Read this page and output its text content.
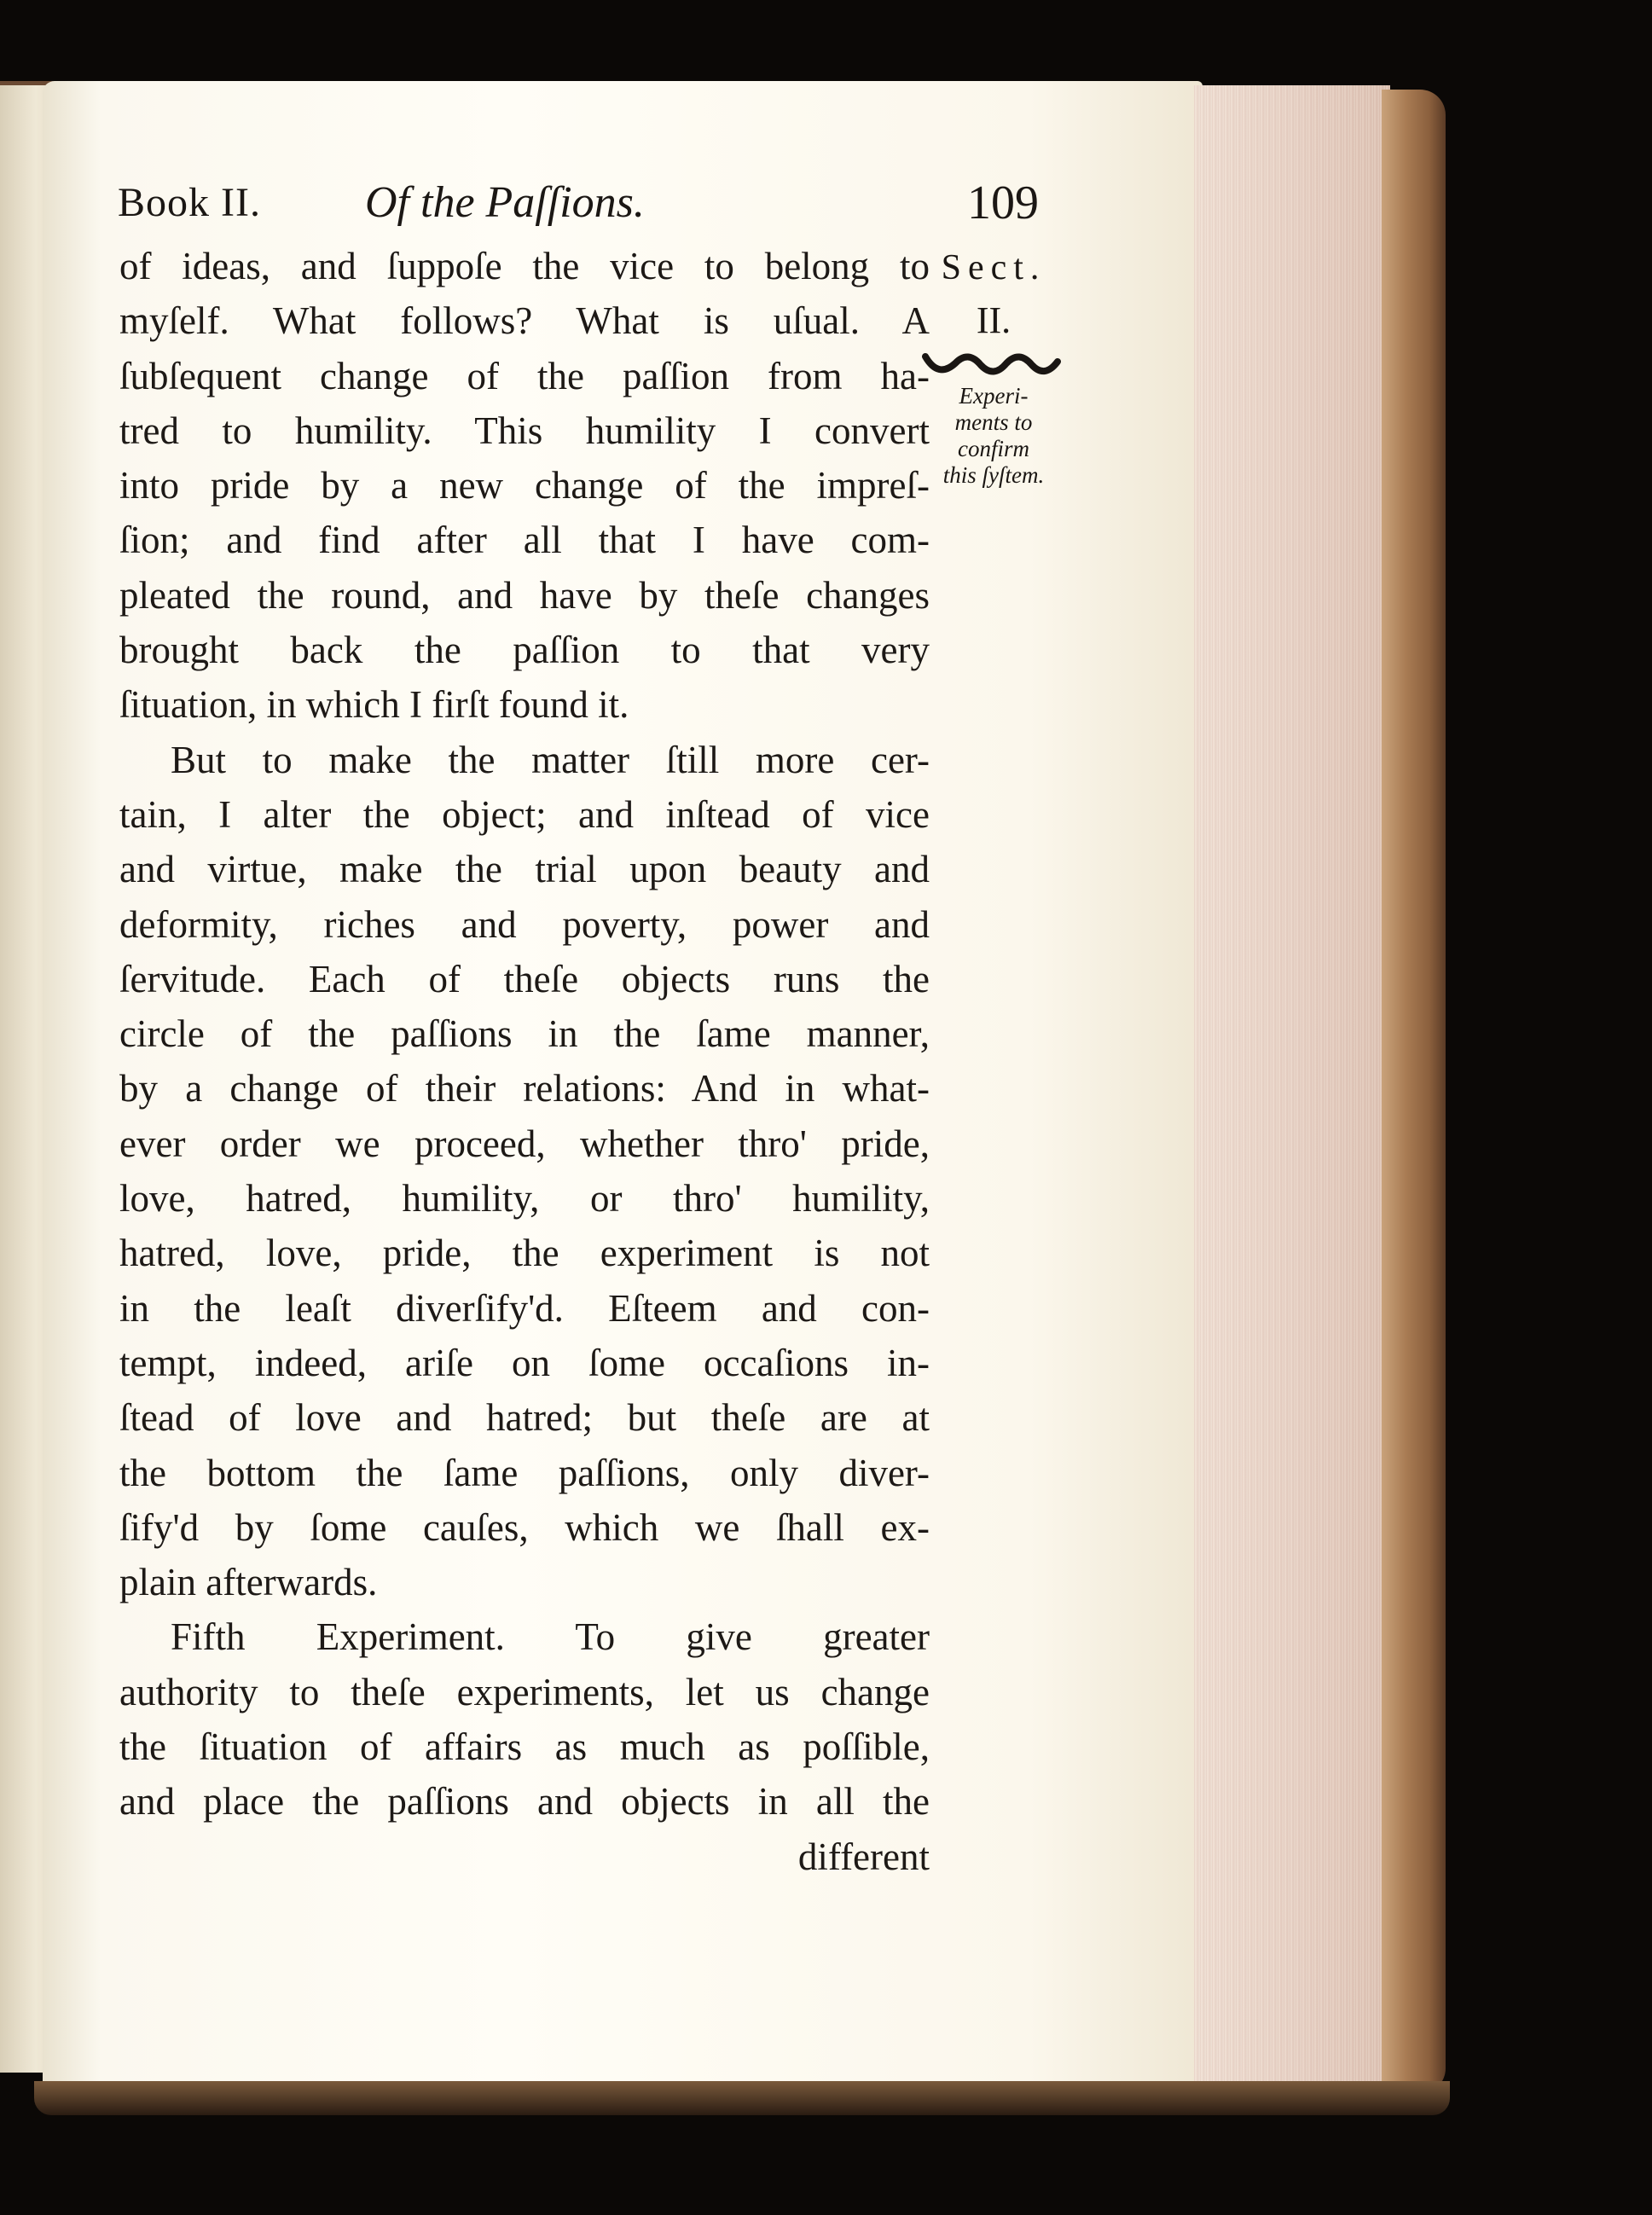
Book II. Of the Paſſions.	109
Sect.
II.
Experi-
ments to
confirm
this ſyſtem.
of ideas, and ſuppoſe the vice to belong to
myſelf. What follows? What is uſual. A
ſubſequent change of the paſſion from ha-
tred to humility. This humility I convert
into pride by a new change of the impreſ-
ſion; and find after all that I have com-
pleated the round, and have by theſe changes
brought back the paſſion to that very
ſituation, in which I firſt found it.
But to make the matter ſtill more cer-
tain, I alter the object; and inſtead of vice
and virtue, make the trial upon beauty and
deformity, riches and poverty, power and
ſervitude. Each of theſe objects runs the
circle of the paſſions in the ſame manner,
by a change of their relations: And in what-
ever order we proceed, whether thro' pride,
love, hatred, humility, or thro' humility,
hatred, love, pride, the experiment is not
in the leaſt diverſify'd. Eſteem and con-
tempt, indeed, ariſe on ſome occaſions in-
ſtead of love and hatred; but theſe are at
the bottom the ſame paſſions, only diver-
ſify'd by ſome cauſes, which we ſhall ex-
plain afterwards.
Fifth Experiment. To give greater
authority to theſe experiments, let us change
the ſituation of affairs as much as poſſible,
and place the paſſions and objects in all the
different
